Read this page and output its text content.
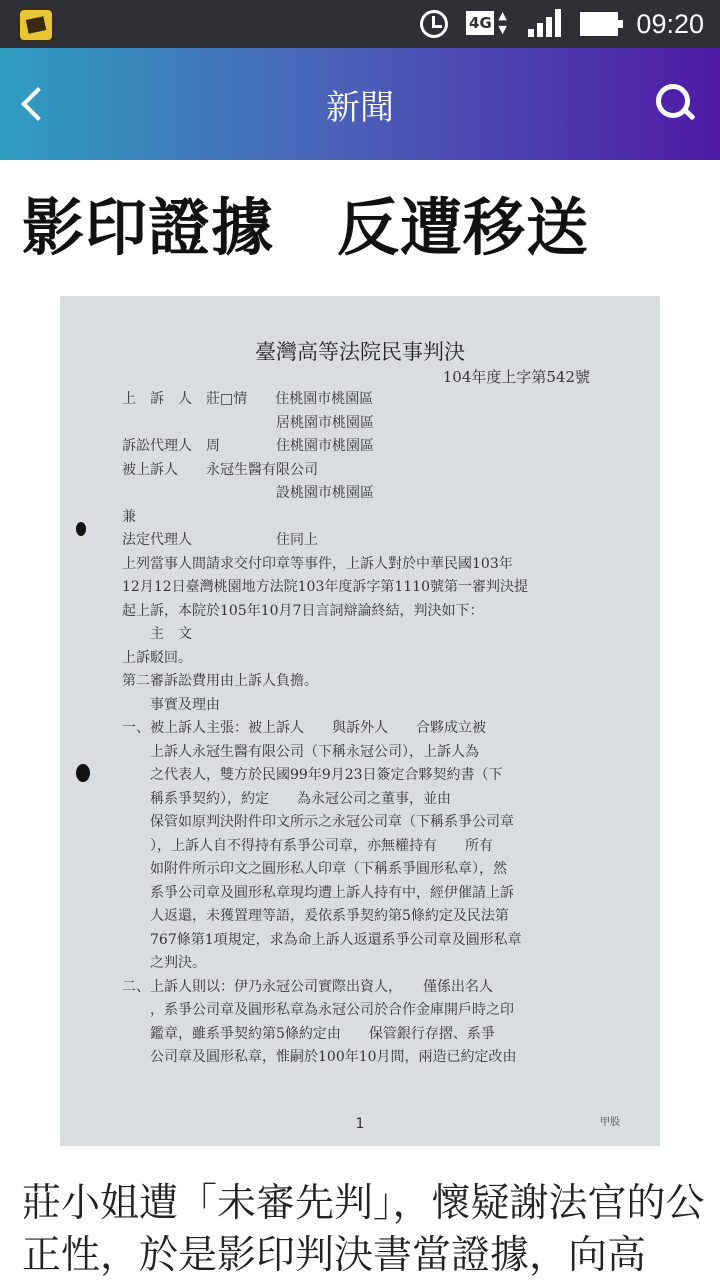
4G ▲
▼	09:20
新聞
影印證據　反遭移送
臺灣高等法院民事判決
104年度上字第542號
上　訴　人　莊□情　　住桃園市桃園區
　　　　　　　　　　　居桃園市桃園區
訴訟代理人　周　　　　住桃園市桃園區
被上訴人　　永冠生醫有限公司
　　　　　　　　　　　設桃園市桃園區
兼
法定代理人　　　　　　住同上
上列當事人間請求交付印章等事件，上訴人對於中華民國103年
12月12日臺灣桃園地方法院103年度訴字第1110號第一審判決提
起上訴，本院於105年10月7日言詞辯論終結，判決如下：
　　主　文
上訴駁回。
第二審訴訟費用由上訴人負擔。
　　事實及理由
一、被上訴人主張：被上訴人　　與訴外人　　合夥成立被
　　上訴人永冠生醫有限公司（下稱永冠公司），上訴人為
　　之代表人，雙方於民國99年9月23日簽定合夥契約書（下
　　稱系爭契約），約定　　為永冠公司之董事，並由
　　保管如原判決附件印文所示之永冠公司章（下稱系爭公司章
　　），上訴人自不得持有系爭公司章，亦無權持有　　所有
　　如附件所示印文之圓形私人印章（下稱系爭圓形私章），然
　　系爭公司章及圓形私章現均遭上訴人持有中，經伊催請上訴
　　人返還，未獲置理等語，爰依系爭契約第5條約定及民法第
　　767條第1項規定，求為命上訴人返還系爭公司章及圓形私章
　　之判決。
二、上訴人則以：伊乃永冠公司實際出資人，　　僅係出名人
　　，系爭公司章及圓形私章為永冠公司於合作金庫開戶時之印
　　鑑章，雖系爭契約第5條約定由　　保管銀行存摺、系爭
　　公司章及圓形私章，惟嗣於100年10月間，兩造已約定改由
1	甲股
莊小姐遭「未審先判」，懷疑謝法官的公正性，於是影印判決書當證據，向高
